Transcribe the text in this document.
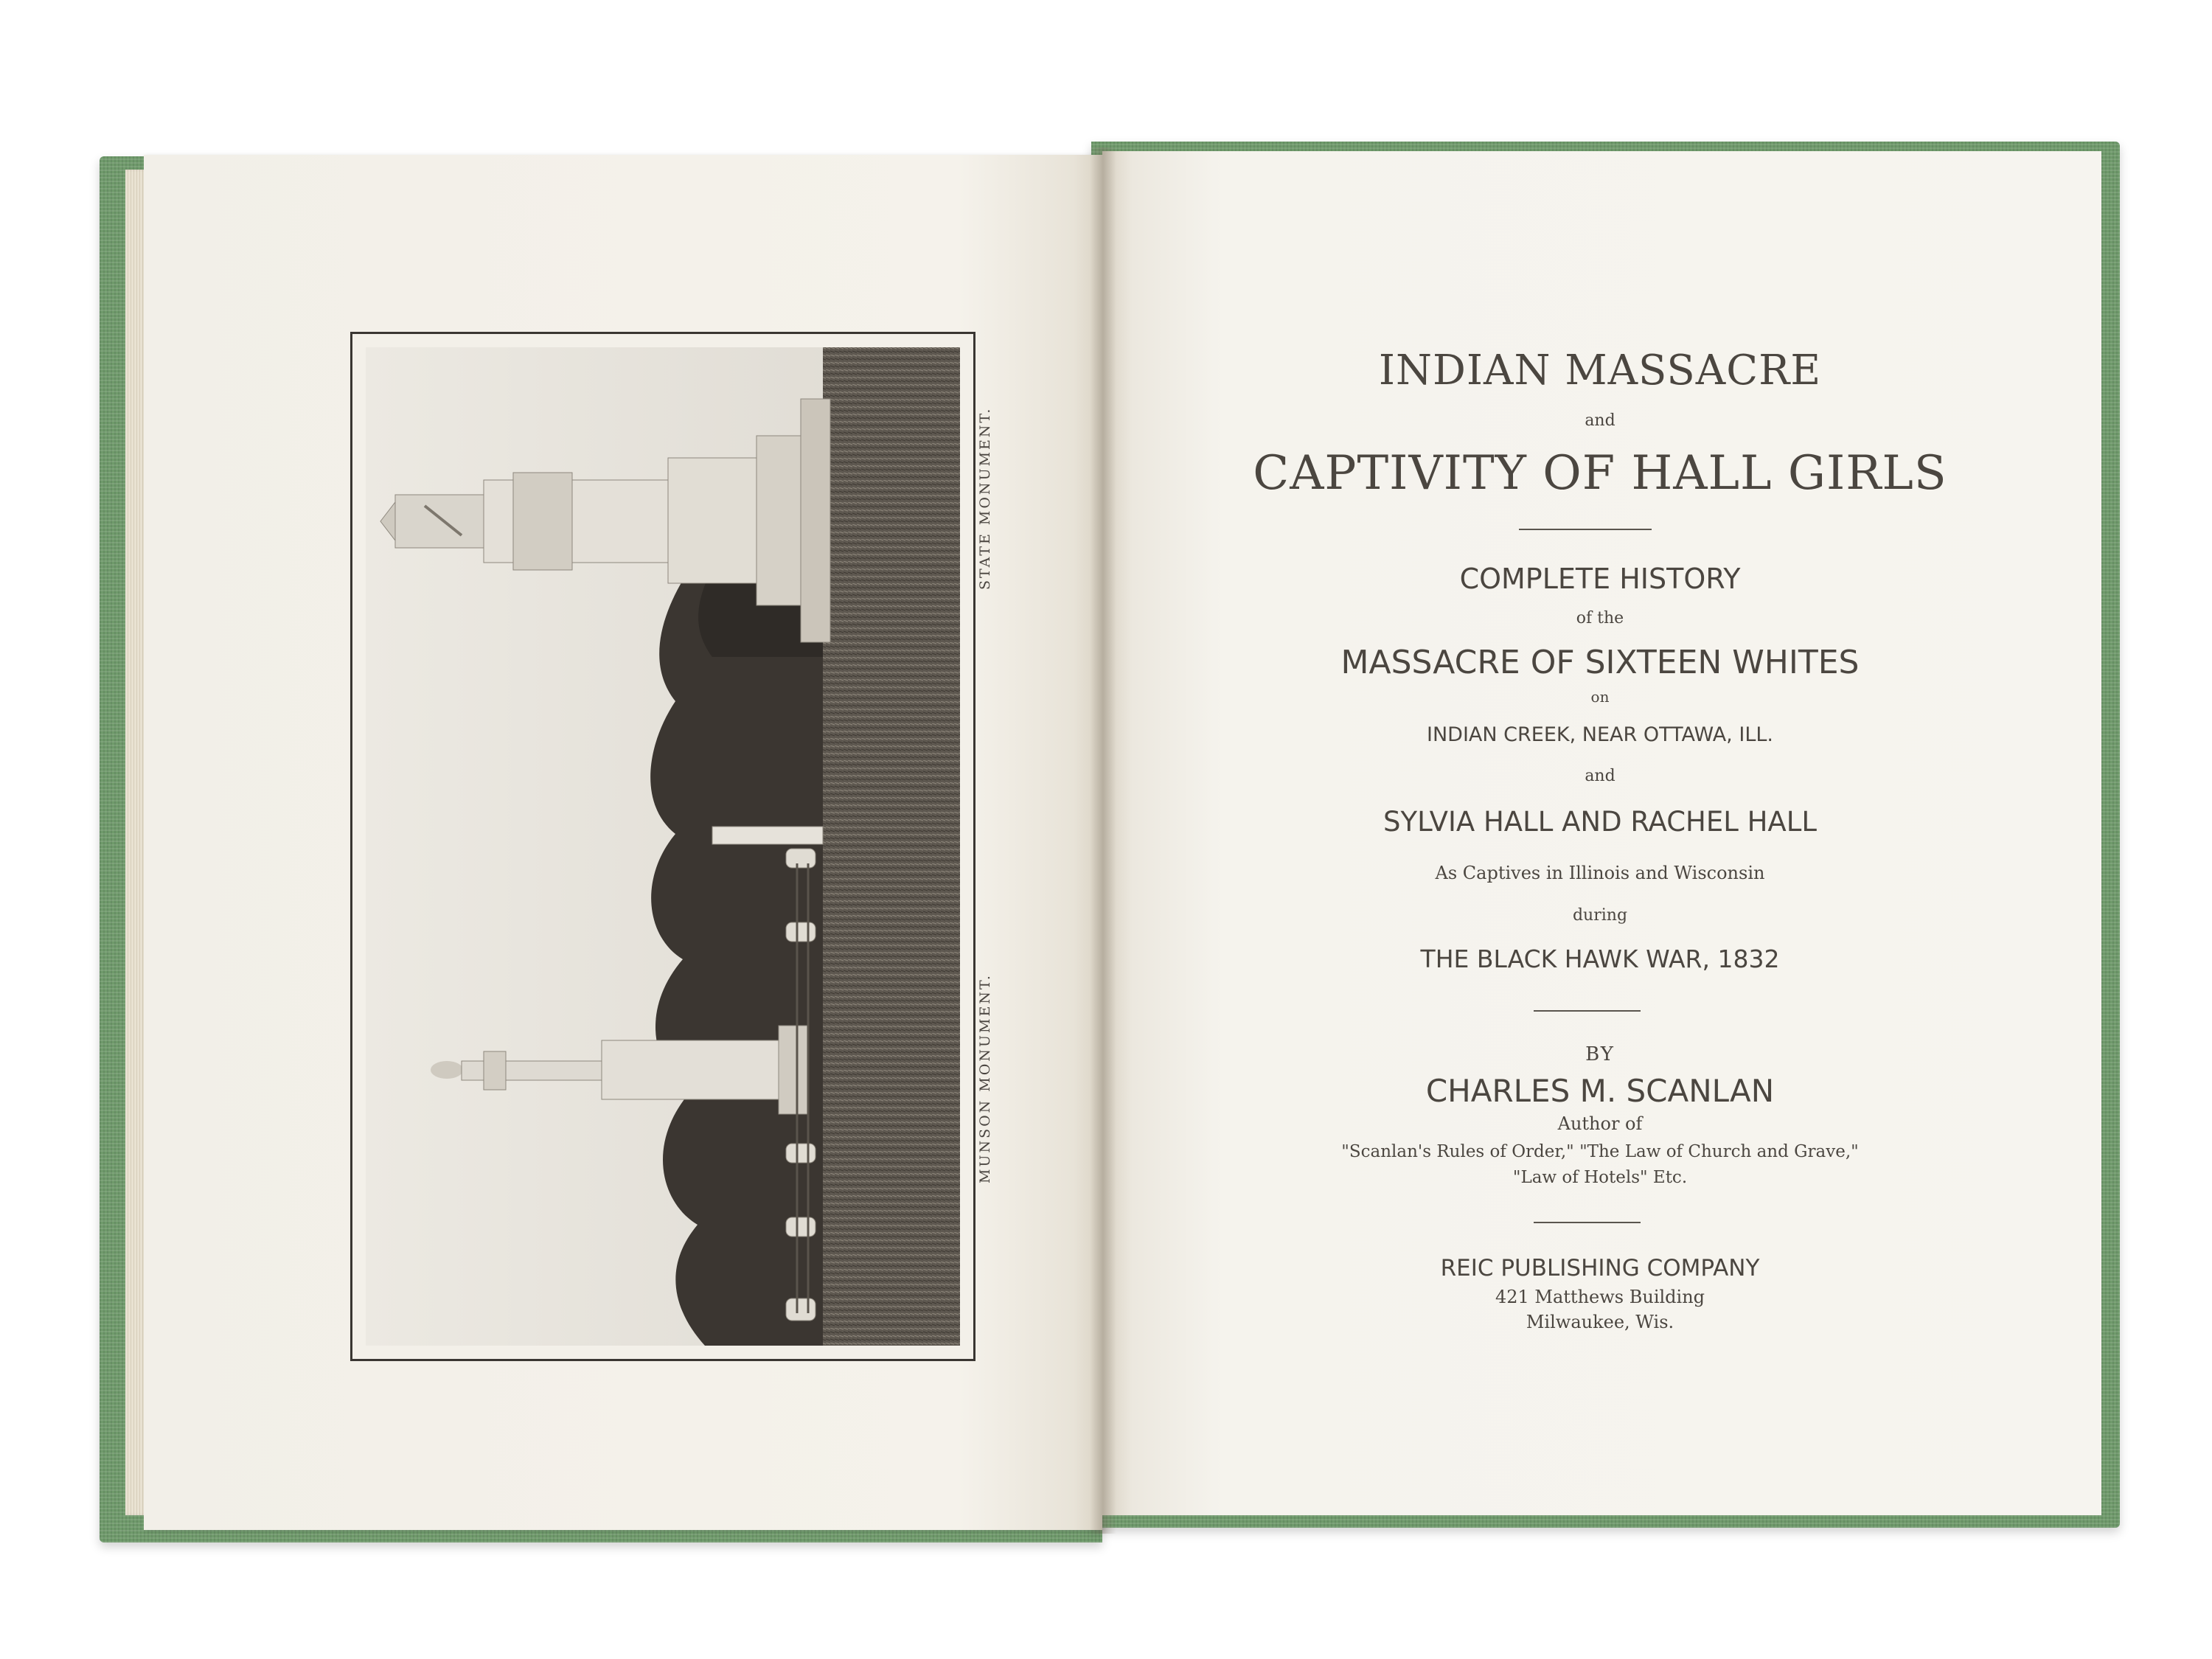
STATE MONUMENT.
MUNSON MONUMENT.
INDIAN MASSACRE
and
CAPTIVITY OF HALL GIRLS
COMPLETE HISTORY
of the
MASSACRE OF SIXTEEN WHITES
on
INDIAN CREEK, NEAR OTTAWA, ILL.
and
SYLVIA HALL AND RACHEL HALL
As Captives in Illinois and Wisconsin
during
THE BLACK HAWK WAR, 1832
BY
CHARLES M. SCANLAN
Author of
"Scanlan's Rules of Order," "The Law of Church and Grave,"
"Law of Hotels" Etc.
REIC PUBLISHING COMPANY
421 Matthews Building
Milwaukee, Wis.
